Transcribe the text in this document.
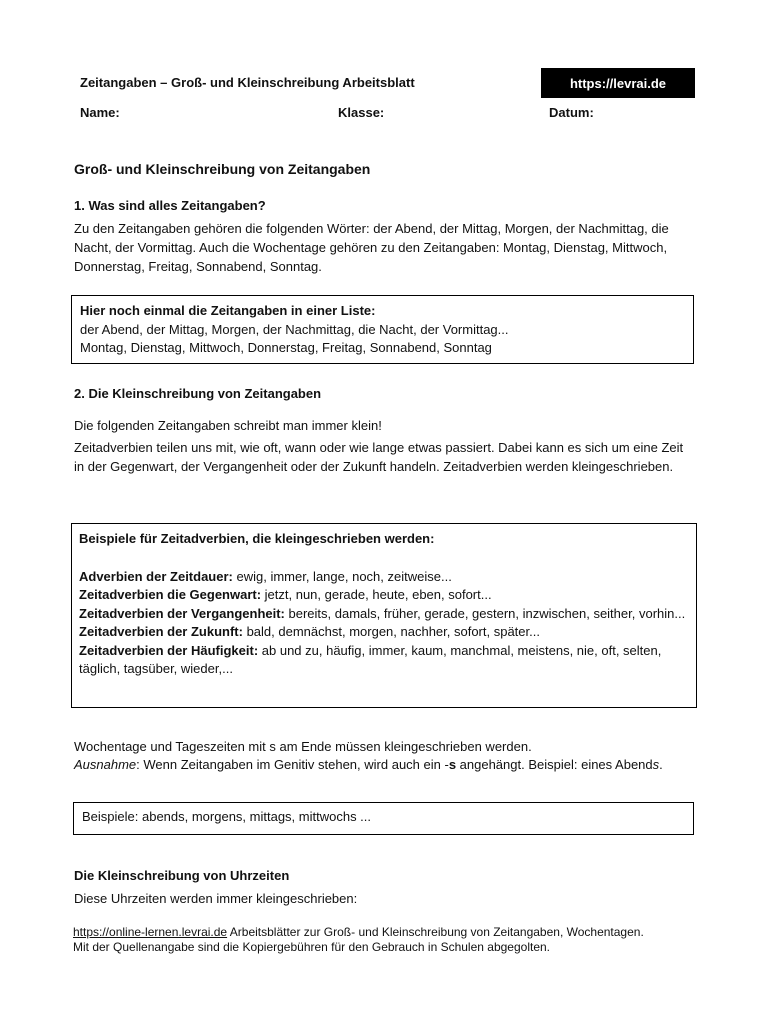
Zeitangaben – Groß- und Kleinschreibung Arbeitsblatt	https://levrai.de
Name:	Klasse:	Datum:
Groß- und Kleinschreibung von Zeitangaben
1. Was sind alles Zeitangaben?
Zu den Zeitangaben gehören die folgenden Wörter: der Abend, der Mittag, Morgen, der Nachmittag, die Nacht, der Vormittag. Auch die Wochentage gehören zu den Zeitangaben: Montag, Dienstag, Mittwoch, Donnerstag, Freitag, Sonnabend, Sonntag.

Hier noch einmal die Zeitangaben in einer Liste:

der Abend, der Mittag, Morgen, der Nachmittag, die Nacht, der Vormittag...

Montag, Dienstag, Mittwoch, Donnerstag, Freitag, Sonnabend, Sonntag

2. Die Kleinschreibung von Zeitangaben
Die folgenden Zeitangaben schreibt man immer klein!
Zeitadverbien teilen uns mit, wie oft, wann oder wie lange etwas passiert. Dabei kann es sich um eine Zeit in der Gegenwart, der Vergangenheit oder der Zukunft handeln. Zeitadverbien werden kleingeschrieben.

Beispiele für Zeitadverbien, die kleingeschrieben werden:

Adverbien der Zeitdauer: ewig, immer, lange, noch, zeitweise...

Zeitadverbien die Gegenwart: jetzt, nun, gerade, heute, eben, sofort...

Zeitadverbien der Vergangenheit: bereits, damals, früher, gerade, gestern, inzwischen, seither, vorhin...

Zeitadverbien der Zukunft: bald, demnächst, morgen, nachher, sofort, später...

Zeitadverbien der Häufigkeit: ab und zu, häufig, immer, kaum, manchmal, meistens, nie, oft, selten, täglich, tagsüber, wieder,...

Wochentage und Tageszeiten mit s am Ende müssen kleingeschrieben werden.
Ausnahme: Wenn Zeitangaben im Genitiv stehen, wird auch ein -s angehängt. Beispiel: eines Abends.
Beispiele: abends, morgens, mittags, mittwochs ...
Die Kleinschreibung von Uhrzeiten
Diese Uhrzeiten werden immer kleingeschrieben:
https://online-lernen.levrai.de Arbeitsblätter zur Groß- und Kleinschreibung von Zeitangaben, Wochentagen.
Mit der Quellenangabe sind die Kopiergebühren für den Gebrauch in Schulen abgegolten.
